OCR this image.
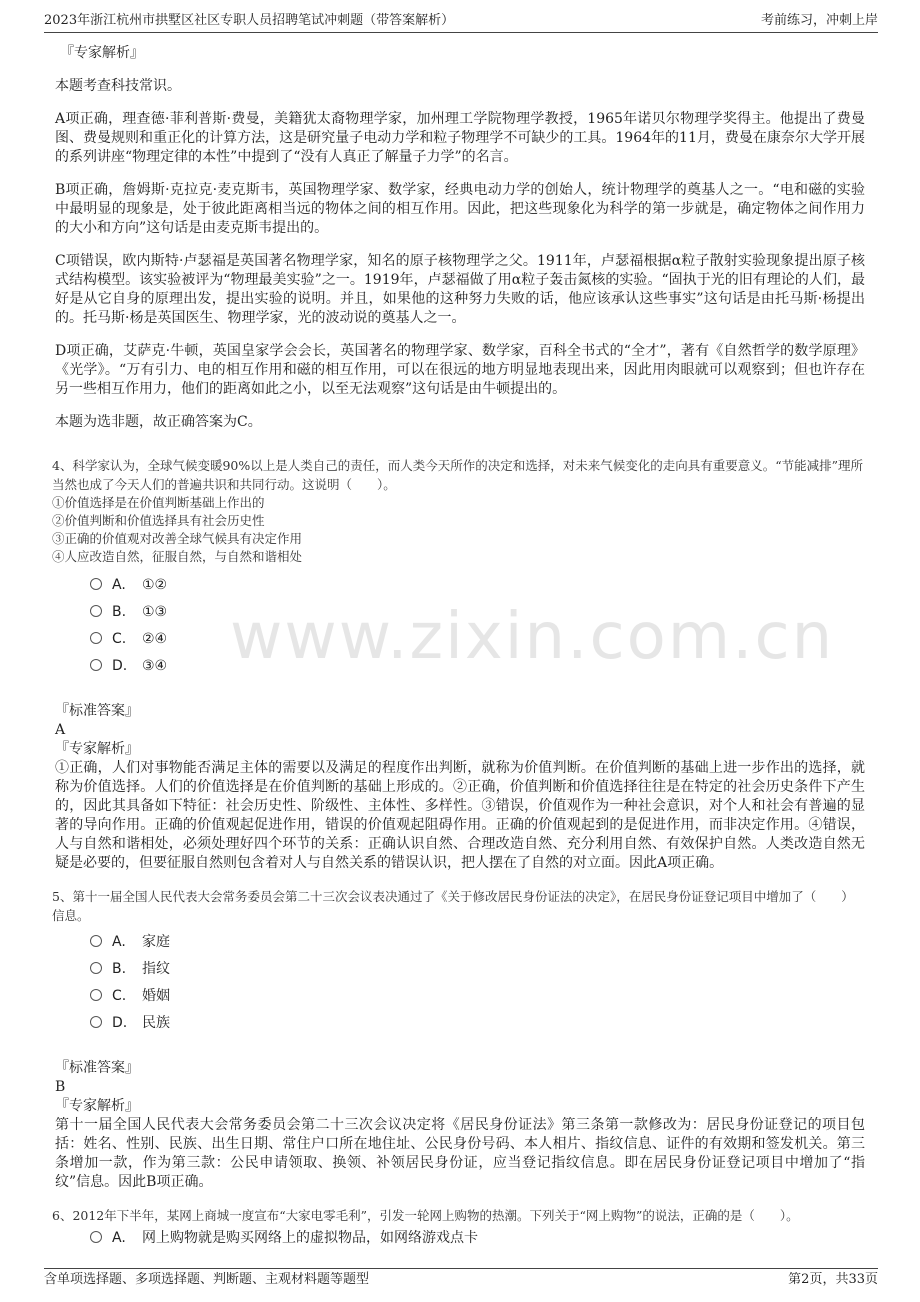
2023年浙江杭州市拱墅区社区专职人员招聘笔试冲刺题（带答案解析）	考前练习，冲刺上岸
www.zixin.com.cn

『专家解析』

本题考查科技常识。

A项正确，理查德·菲利普斯·费曼，美籍犹太裔物理学家，加州理工学院物理学教授，1965年诺贝尔物理学奖得主。他提出了费曼图、费曼规则和重正化的计算方法，这是研究量子电动力学和粒子物理学不可缺少的工具。1964年的11月，费曼在康奈尔大学开展的系列讲座“物理定律的本性”中提到了“没有人真正了解量子力学”的名言。

B项正确，詹姆斯·克拉克·麦克斯韦，英国物理学家、数学家，经典电动力学的创始人，统计物理学的奠基人之一。“电和磁的实验中最明显的现象是，处于彼此距离相当远的物体之间的相互作用。因此，把这些现象化为科学的第一步就是，确定物体之间作用力的大小和方向”这句话是由麦克斯韦提出的。

C项错误，欧内斯特·卢瑟福是英国著名物理学家，知名的原子核物理学之父。1911年，卢瑟福根据α粒子散射实验现象提出原子核式结构模型。该实验被评为“物理最美实验”之一。1919年，卢瑟福做了用α粒子轰击氮核的实验。“固执于光的旧有理论的人们，最好是从它自身的原理出发，提出实验的说明。并且，如果他的这种努力失败的话，他应该承认这些事实”这句话是由托马斯·杨提出的。托马斯·杨是英国医生、物理学家，光的波动说的奠基人之一。

D项正确，艾萨克·牛顿，英国皇家学会会长，英国著名的物理学家、数学家，百科全书式的“全才”，著有《自然哲学的数学原理》《光学》。“万有引力、电的相互作用和磁的相互作用，可以在很远的地方明显地表现出来，因此用肉眼就可以观察到；但也许存在另一些相互作用力，他们的距离如此之小，以至无法观察”这句话是由牛顿提出的。

本题为选非题，故正确答案为C。

4、科学家认为，全球气候变暖90%以上是人类自己的责任，而人类今天所作的决定和选择，对未来气候变化的走向具有重要意义。“节能减排”理所当然也成了今天人们的普遍共识和共同行动。这说明（　　）。

①价值选择是在价值判断基础上作出的

②价值判断和价值选择具有社会历史性

③正确的价值观对改善全球气候具有决定作用

④人应改造自然，征服自然，与自然和谐相处

A. ①②
B. ①③
C. ②④
D. ③④

『标准答案』

A

『专家解析』

①正确，人们对事物能否满足主体的需要以及满足的程度作出判断，就称为价值判断。在价值判断的基础上进一步作出的选择，就称为价值选择。人们的价值选择是在价值判断的基础上形成的。②正确，价值判断和价值选择往往是在特定的社会历史条件下产生的，因此其具备如下特征：社会历史性、阶级性、主体性、多样性。③错误，价值观作为一种社会意识，对个人和社会有普遍的显著的导向作用。正确的价值观起促进作用，错误的价值观起阻碍作用。正确的价值观起到的是促进作用，而非决定作用。④错误，人与自然和谐相处，必须处理好四个环节的关系：正确认识自然、合理改造自然、充分利用自然、有效保护自然。人类改造自然无疑是必要的，但要征服自然则包含着对人与自然关系的错误认识，把人摆在了自然的对立面。因此A项正确。

5、第十一届全国人民代表大会常务委员会第二十三次会议表决通过了《关于修改居民身份证法的决定》，在居民身份证登记项目中增加了（　　）信息。

A. 家庭
B. 指纹
C. 婚姻
D. 民族

『标准答案』

B

『专家解析』

第十一届全国人民代表大会常务委员会第二十三次会议决定将《居民身份证法》第三条第一款修改为：居民身份证登记的项目包括：姓名、性别、民族、出生日期、常住户口所在地住址、公民身份号码、本人相片、指纹信息、证件的有效期和签发机关。第三条增加一款，作为第三款：公民申请领取、换领、补领居民身份证，应当登记指纹信息。即在居民身份证登记项目中增加了“指纹”信息。因此B项正确。

6、2012年下半年，某网上商城一度宣布“大家电零毛利”，引发一轮网上购物的热潮。下列关于“网上购物”的说法，正确的是（　　）。

A. 网上购物就是购买网络上的虚拟物品，如网络游戏点卡
含单项选择题、多项选择题、判断题、主观材料题等题型	第2页，共33页
